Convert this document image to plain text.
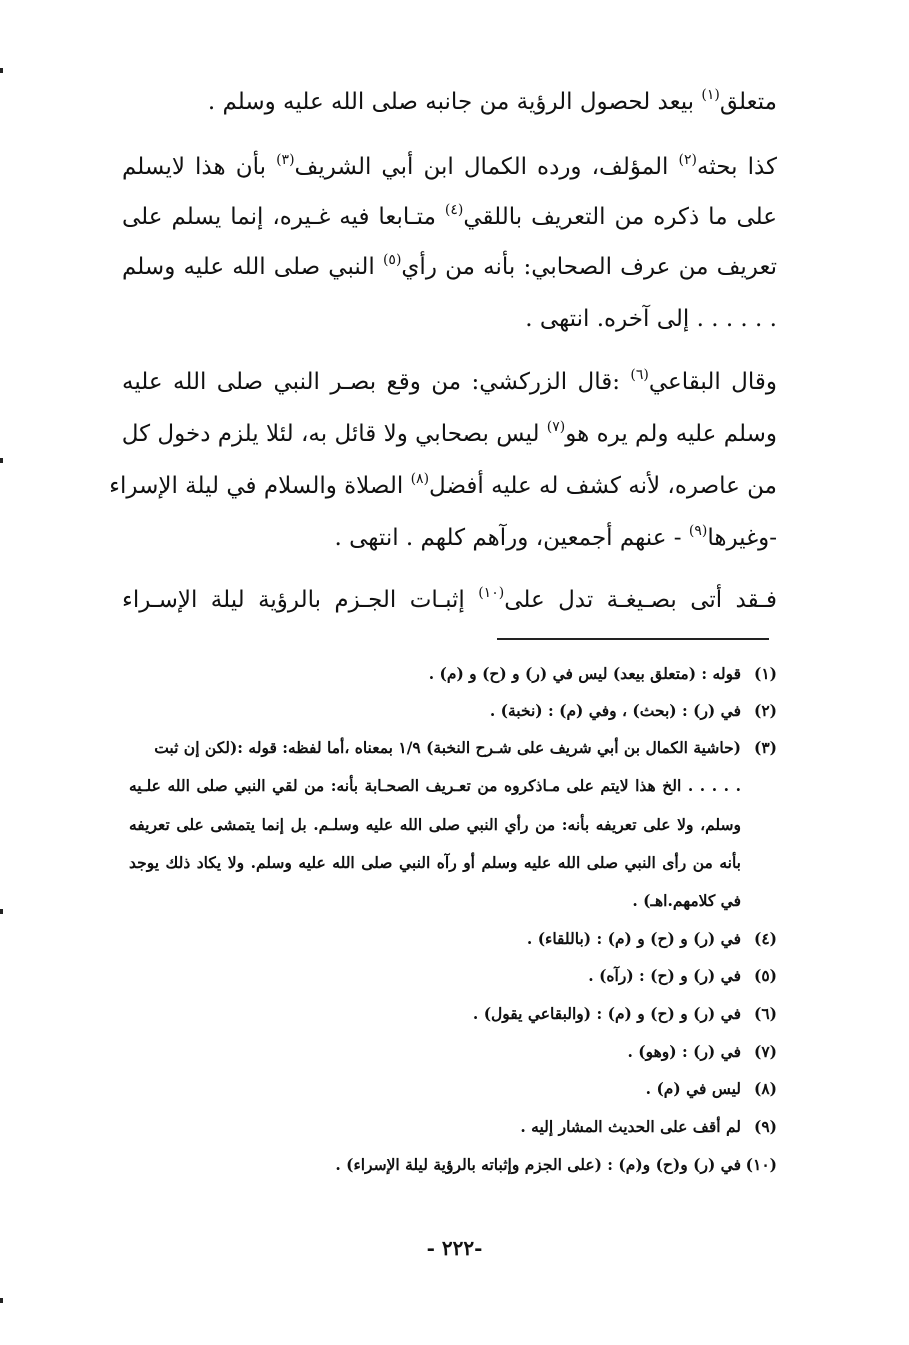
متعلق$^{(١)}$ بيعد لحصول الرؤية من جانبه صلى الله عليه وسلم .
كذا بحثه$^{(٢)}$ المؤلف، ورده الكمال ابن أبي الشريف$^{(٣)}$ بأن هذا لايسلم
على ما ذكره من التعريف باللقي$^{(٤)}$ متـابعا فيه غـيره، إنما يسلم على
تعريف من عرف الصحابي: بأنه من رأي$^{(٥)}$ النبي صلى الله عليه وسلم
. . . . . . إلى آخره. انتهى .
وقال البقاعي$^{(٦)}$ :قال الزركشي: من وقع بصـر النبي صلى الله عليه
وسلم عليه ولم يره هو$^{(٧)}$ ليس بصحابي ولا قائل به، لئلا يلزم دخول كل
من عاصره، لأنه كشف له عليه أفضل$^{(٨)}$ الصلاة والسلام في ليلة الإسراء
-وغيرها$^{(٩)}$ - عنهم أجمعين، ورآهم كلهم . انتهى .
فـقد أتى بصـيغـة تدل على$^{(١٠)}$ إثبـات الجـزم بالرؤية ليلة الإسـراء
(١)قوله : (متعلق بيعد) ليس في (ر) و (ح) و (م) .
(٢)في (ر) : (بحث) ، وفي (م) : (نخبة) .
(٣)(حاشية الكمال بن أبي شريف على شـرح النخبة) ١/٩ بمعناه ،أما لفظه: قوله :(لكن إن ثبت
. . . . . الخ هذا لايتم على مـاذكروه من تعـريف الصحـابة بأنه: من لقي النبي صلى الله علـيه
وسلم، ولا على تعريفه بأنه: من رأي النبي صلى الله عليه وسلـم. بل إنما يتمشى على تعريفه
بأنه من رأى النبي صلى الله عليه وسلم أو رآه النبي صلى الله عليه وسلم. ولا يكاد ذلك يوجد
في كلامهم.اهـ) .
(٤)في (ر) و (ح) و (م) : (باللقاء) .
(٥)في (ر) و (ح) : (رآه) .
(٦)في (ر) و (ح) و (م) : (والبقاعي يقول) .
(٧)في (ر) : (وهو) .
(٨)ليس في (م) .
(٩)لم أقف على الحديث المشار إليه .
(١٠)في (ر) و(ح) و(م) : (على الجزم وإثباته بالرؤية ليلة الإسراء) .
- ٢٢٢-
